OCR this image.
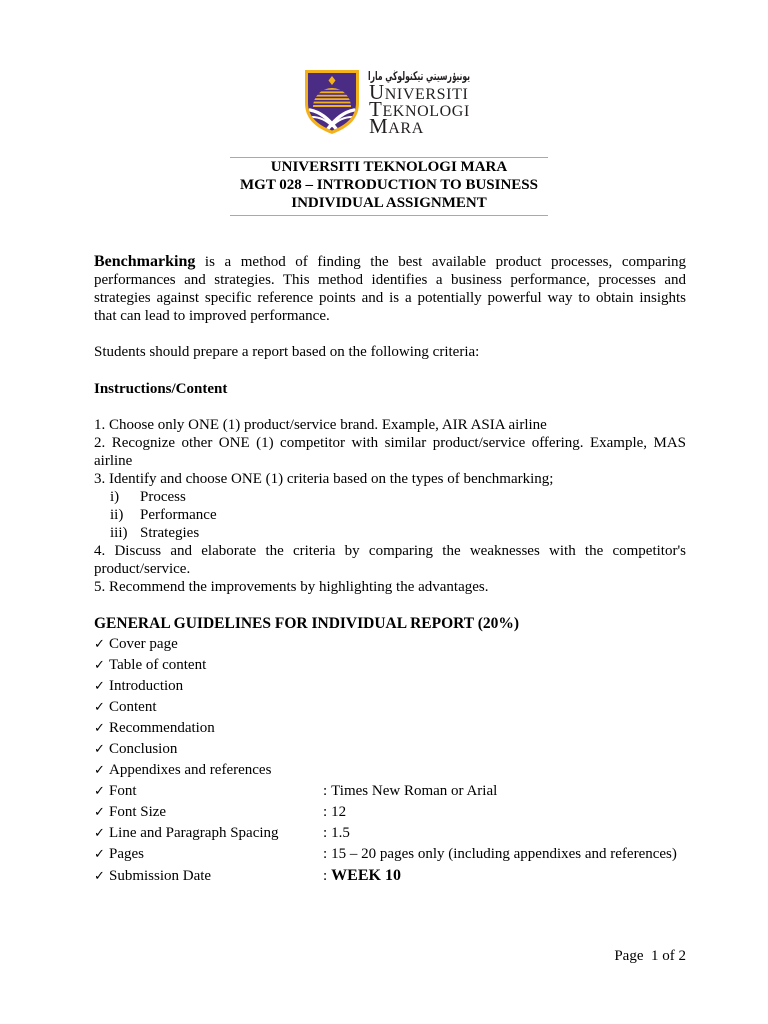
يونيۏرسيتي تيكنولوڬي مارا
UNIVERSITI
TEKNOLOGI
MARA
UNIVERSITI TEKNOLOGI MARA
MGT 028 – INTRODUCTION TO BUSINESS
INDIVIDUAL ASSIGNMENT
Benchmarking is a method of finding the best available product processes, comparing
performances and strategies. This method identifies a business performance, processes and
strategies against specific reference points and is a potentially powerful way to obtain insights
that can lead to improved performance.
Students should prepare a report based on the following criteria:
Instructions/Content
1. Choose only ONE (1) product/service brand. Example, AIR ASIA airline
2. Recognize other ONE (1) competitor with similar product/service offering. Example, MAS
airline
3. Identify and choose ONE (1) criteria based on the types of benchmarking;
i) Process
ii) Performance
iii) Strategies
4. Discuss and elaborate the criteria by comparing the weaknesses with the competitor's
product/service.
5. Recommend the improvements by highlighting the advantages.
GENERAL GUIDELINES FOR INDIVIDUAL REPORT (20%)
✓ Cover page
✓ Table of content
✓ Introduction
✓ Content
✓ Recommendation
✓ Conclusion
✓ Appendixes and references
✓ Font	: Times New Roman or Arial
✓ Font Size	: 12
✓ Line and Paragraph Spacing	: 1.5
✓ Pages	: 15 – 20 pages only (including appendixes and references)
✓ Submission Date	: WEEK 10
Page  1 of 2
